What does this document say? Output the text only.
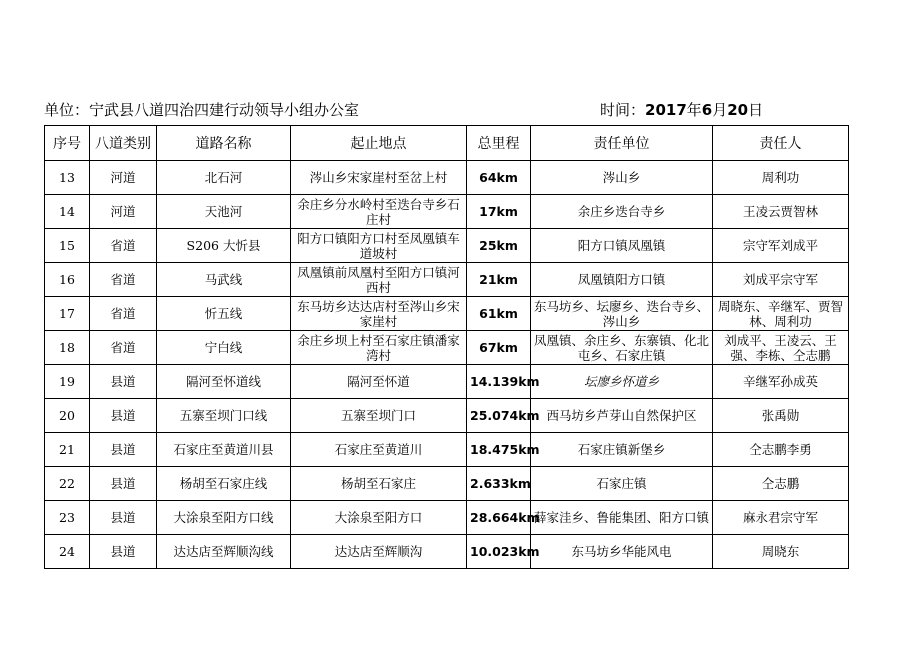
单位：宁武县八道四治四建行动领导小组办公室	时间：2017年6月20日
序号	八道类别	道路名称	起止地点	总里程	责任单位	责任人
13	河道	北石河	涔山乡宋家崖村至岔上村	64km	涔山乡	周利功
14	河道	天池河	余庄乡分水岭村至迭台寺乡石庄村	17km	余庄乡迭台寺乡	王凌云贾智林
15	省道	S206 大忻县	阳方口镇阳方口村至凤凰镇车道坡村	25km	阳方口镇凤凰镇	宗守军刘成平
16	省道	马武线	凤凰镇前凤凰村至阳方口镇河西村	21km	凤凰镇阳方口镇	刘成平宗守军
17	省道	忻五线	东马坊乡达达店村至涔山乡宋家崖村	61km	东马坊乡、坛廖乡、迭台寺乡、涔山乡	周晓东、辛继军、贾智林、周利功
18	省道	宁白线	余庄乡坝上村至石家庄镇潘家湾村	67km	凤凰镇、余庄乡、东寨镇、化北屯乡、石家庄镇	刘成平、王凌云、王强、李栋、仝志鹏
19	县道	隔河至怀道线	隔河至怀道	14.139km	坛廖乡怀道乡	辛继军孙成英
20	县道	五寨至坝门口线	五寨至坝门口	25.074km	西马坊乡芦芽山自然保护区	张禹勋
21	县道	石家庄至黄道川县	石家庄至黄道川	18.475km	石家庄镇新堡乡	仝志鹏李勇
22	县道	杨胡至石家庄线	杨胡至石家庄	2.633km	石家庄镇	仝志鹏
23	县道	大涂泉至阳方口线	大涂泉至阳方口	28.664km	薛家洼乡、鲁能集团、阳方口镇	麻永君宗守军
24	县道	达达店至辉顺沟线	达达店至辉顺沟	10.023km	东马坊乡华能风电	周晓东
